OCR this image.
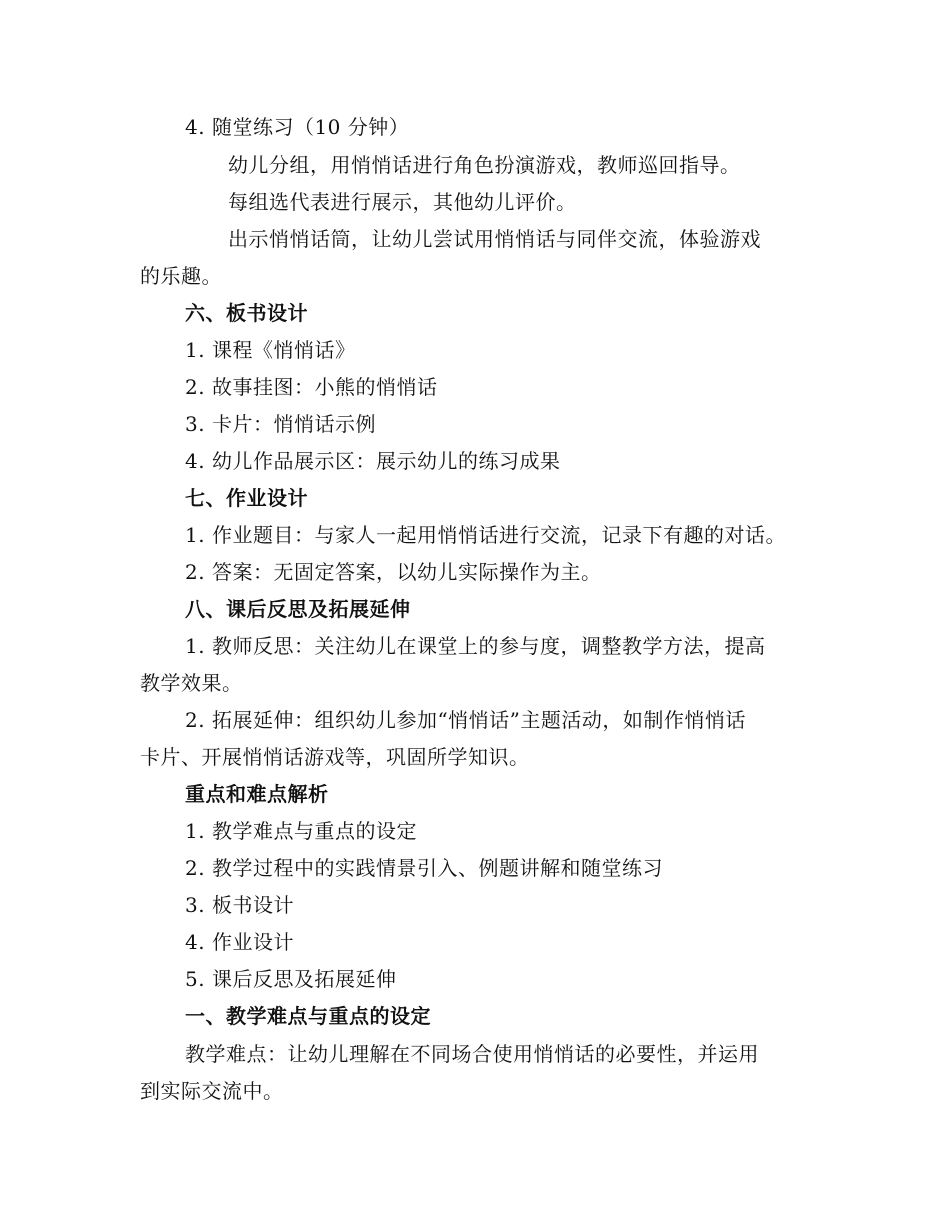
4. 随堂练习（10 分钟）
幼儿分组，用悄悄话进行角色扮演游戏，教师巡回指导。
每组选代表进行展示，其他幼儿评价。
出示悄悄话筒，让幼儿尝试用悄悄话与同伴交流，体验游戏
的乐趣。
六、板书设计
1. 课程《悄悄话》
2. 故事挂图：小熊的悄悄话
3. 卡片：悄悄话示例
4. 幼儿作品展示区：展示幼儿的练习成果
七、作业设计
1. 作业题目：与家人一起用悄悄话进行交流，记录下有趣的对话。
2. 答案：无固定答案，以幼儿实际操作为主。
八、课后反思及拓展延伸
1. 教师反思：关注幼儿在课堂上的参与度，调整教学方法，提高
教学效果。
2. 拓展延伸：组织幼儿参加“悄悄话”主题活动，如制作悄悄话
卡片、开展悄悄话游戏等，巩固所学知识。
重点和难点解析
1. 教学难点与重点的设定
2. 教学过程中的实践情景引入、例题讲解和随堂练习
3. 板书设计
4. 作业设计
5. 课后反思及拓展延伸
一、教学难点与重点的设定
教学难点：让幼儿理解在不同场合使用悄悄话的必要性，并运用
到实际交流中。
